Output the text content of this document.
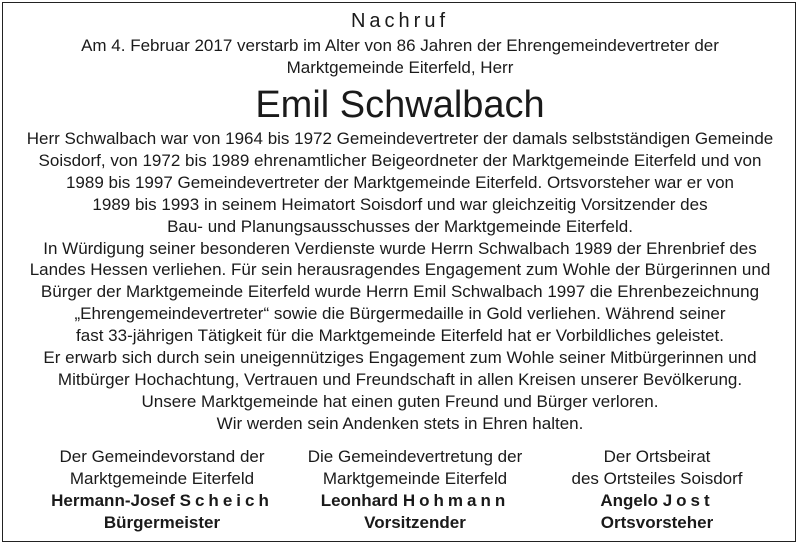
Nachruf
Am 4. Februar 2017 verstarb im Alter von 86 Jahren der Ehrengemeindevertreter der
Marktgemeinde Eiterfeld, Herr
Emil Schwalbach
Herr Schwalbach war von 1964 bis 1972 Gemeindevertreter der damals selbstständigen Gemeinde
Soisdorf, von 1972 bis 1989 ehrenamtlicher Beigeordneter der Marktgemeinde Eiterfeld und von
1989 bis 1997 Gemeindevertreter der Marktgemeinde Eiterfeld. Ortsvorsteher war er von
1989 bis 1993 in seinem Heimatort Soisdorf und war gleichzeitig Vorsitzender des
Bau- und Planungsausschusses der Marktgemeinde Eiterfeld.
In Würdigung seiner besonderen Verdienste wurde Herrn Schwalbach 1989 der Ehrenbrief des
Landes Hessen verliehen. Für sein herausragendes Engagement zum Wohle der Bürgerinnen und
Bürger der Marktgemeinde Eiterfeld wurde Herrn Emil Schwalbach 1997 die Ehrenbezeichnung
„Ehrengemeindevertreter“ sowie die Bürgermedaille in Gold verliehen. Während seiner
fast 33-jährigen Tätigkeit für die Marktgemeinde Eiterfeld hat er Vorbildliches geleistet.
Er erwarb sich durch sein uneigennütziges Engagement zum Wohle seiner Mitbürgerinnen und
Mitbürger Hochachtung, Vertrauen und Freundschaft in allen Kreisen unserer Bevölkerung.
Unsere Marktgemeinde hat einen guten Freund und Bürger verloren.
Wir werden sein Andenken stets in Ehren halten.
Der Gemeindevorstand der
Marktgemeinde Eiterfeld
Hermann-Josef Scheich
Bürgermeister
Die Gemeindevertretung der
Marktgemeinde Eiterfeld
Leonhard Hohmann
Vorsitzender
Der Ortsbeirat
des Ortsteiles Soisdorf
Angelo Jost
Ortsvorsteher
